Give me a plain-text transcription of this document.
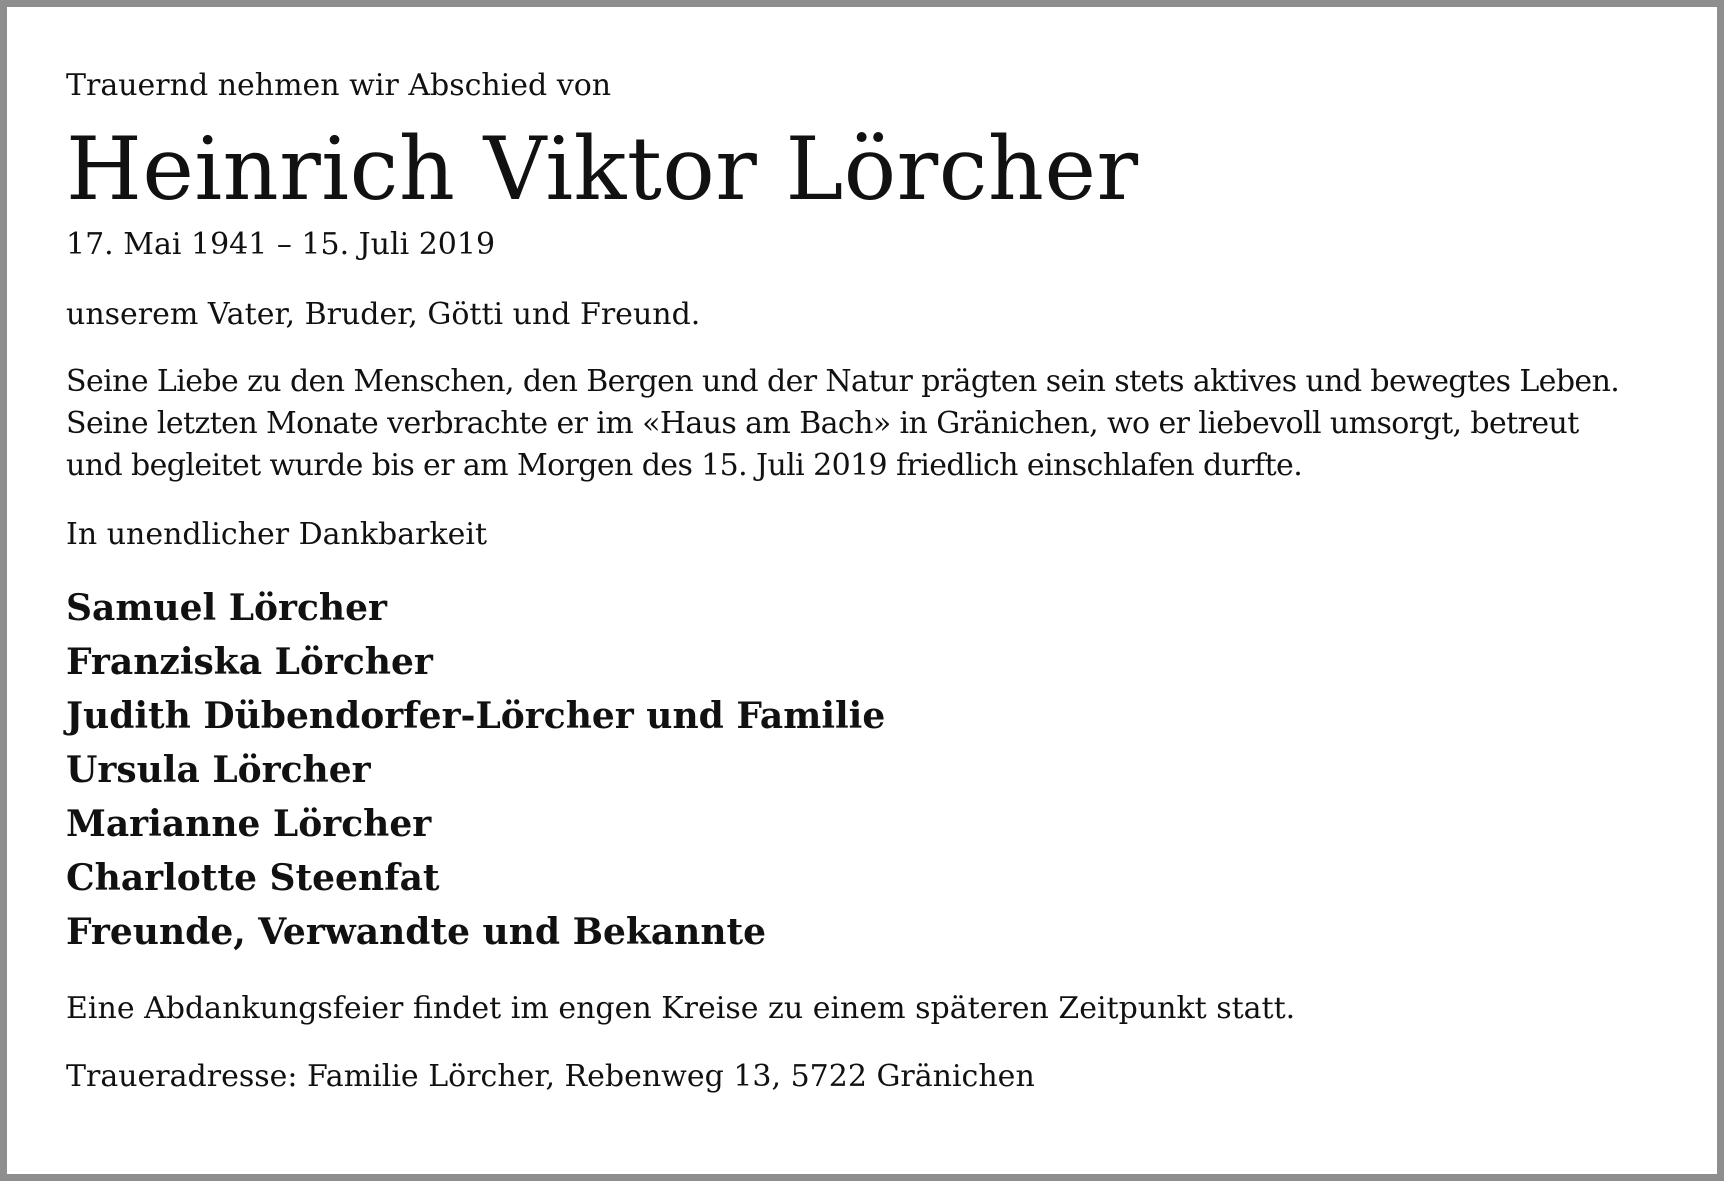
Trauernd nehmen wir Abschied von

Heinrich Viktor Lörcher

17. Mai 1941 – 15. Juli 2019

unserem Vater, Bruder, Götti und Freund.

Seine Liebe zu den Menschen, den Bergen und der Natur prägten sein stets aktives und bewegtes Leben.
Seine letzten Monate verbrachte er im «Haus am Bach» in Gränichen, wo er liebevoll umsorgt, betreut
und begleitet wurde bis er am Morgen des 15. Juli 2019 friedlich einschlafen durfte.

In unendlicher Dankbarkeit

Samuel Lörcher
Franziska Lörcher
Judith Dübendorfer-Lörcher und Familie
Ursula Lörcher
Marianne Lörcher
Charlotte Steenfat
Freunde, Verwandte und Bekannte

Eine Abdankungsfeier findet im engen Kreise zu einem späteren Zeitpunkt statt.

Traueradresse: Familie Lörcher, Rebenweg 13, 5722 Gränichen
